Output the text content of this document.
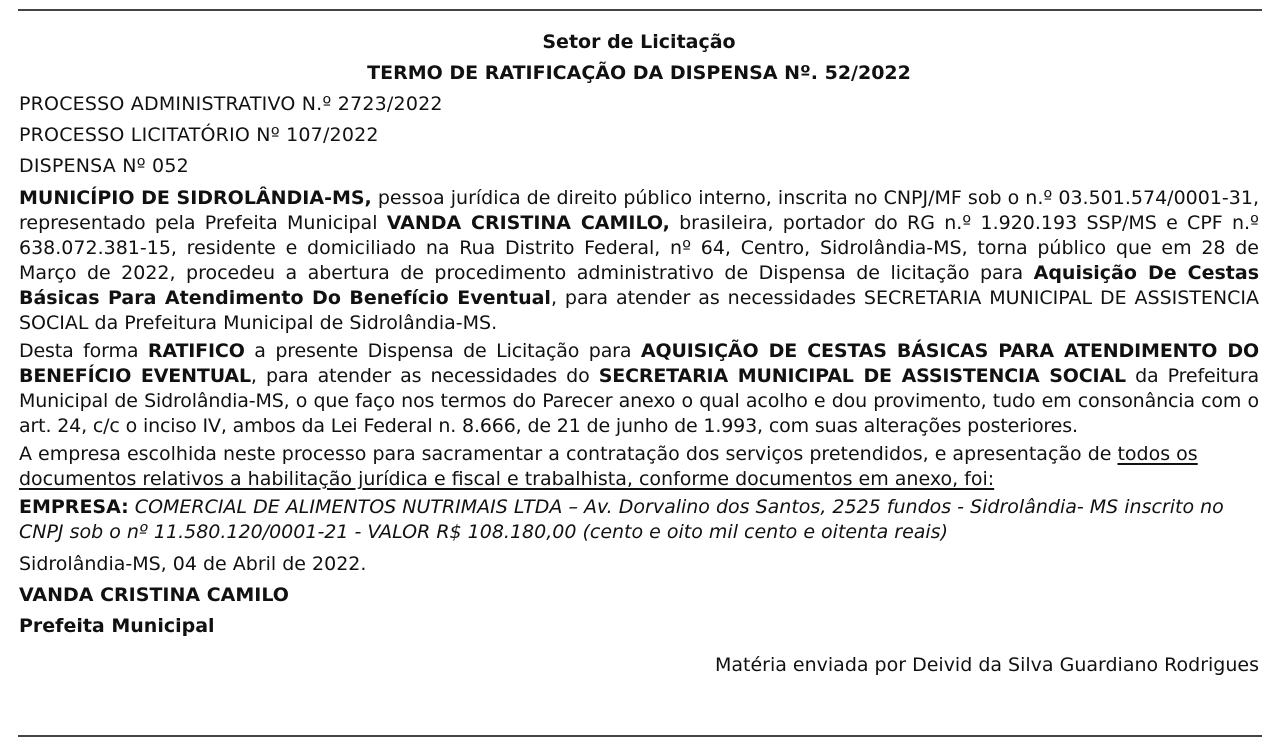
Setor de Licitação

TERMO DE RATIFICAÇÃO DA DISPENSA Nº. 52/2022

PROCESSO ADMINISTRATIVO N.º 2723/2022

PROCESSO LICITATÓRIO Nº 107/2022

DISPENSA Nº 052

MUNICÍPIO DE SIDROLÂNDIA-MS, pessoa jurídica de direito público interno, inscrita no CNPJ/MF sob o n.º 03.501.574/0001-31, representado pela Prefeita Municipal VANDA CRISTINA CAMILO, brasileira, portador do RG n.º 1.920.193 SSP/MS e CPF n.º 638.072.381-15, residente e domiciliado na Rua Distrito Federal, nº 64, Centro, Sidrolândia-MS, torna público que em 28 de Março de 2022, procedeu a abertura de procedimento administrativo de Dispensa de licitação para Aquisição De Cestas Básicas Para Atendimento Do Benefício Eventual, para atender as necessidades SECRETARIA MUNICIPAL DE ASSISTENCIA SOCIAL da Prefeitura Municipal de Sidrolândia-MS.

Desta forma RATIFICO a presente Dispensa de Licitação para AQUISIÇÃO DE CESTAS BÁSICAS PARA ATENDIMENTO DO BENEFÍCIO EVENTUAL, para atender as necessidades do SECRETARIA MUNICIPAL DE ASSISTENCIA SOCIAL da Prefeitura Municipal de Sidrolândia-MS, o que faço nos termos do Parecer anexo o qual acolho e dou provimento, tudo em consonância com o art. 24, c/c o inciso IV, ambos da Lei Federal n. 8.666, de 21 de junho de 1.993, com suas alterações posteriores.

A empresa escolhida neste processo para sacramentar a contratação dos serviços pretendidos, e apresentação de todos os documentos relativos a habilitação jurídica e fiscal e trabalhista, conforme documentos em anexo, foi:

EMPRESA: COMERCIAL DE ALIMENTOS NUTRIMAIS LTDA – Av. Dorvalino dos Santos, 2525 fundos - Sidrolândia- MS inscrito no CNPJ sob o nº 11.580.120/0001-21 - VALOR R$ 108.180,00 (cento e oito mil cento e oitenta reais)

Sidrolândia-MS, 04 de Abril de 2022.

VANDA CRISTINA CAMILO

Prefeita Municipal

Matéria enviada por Deivid da Silva Guardiano Rodrigues
